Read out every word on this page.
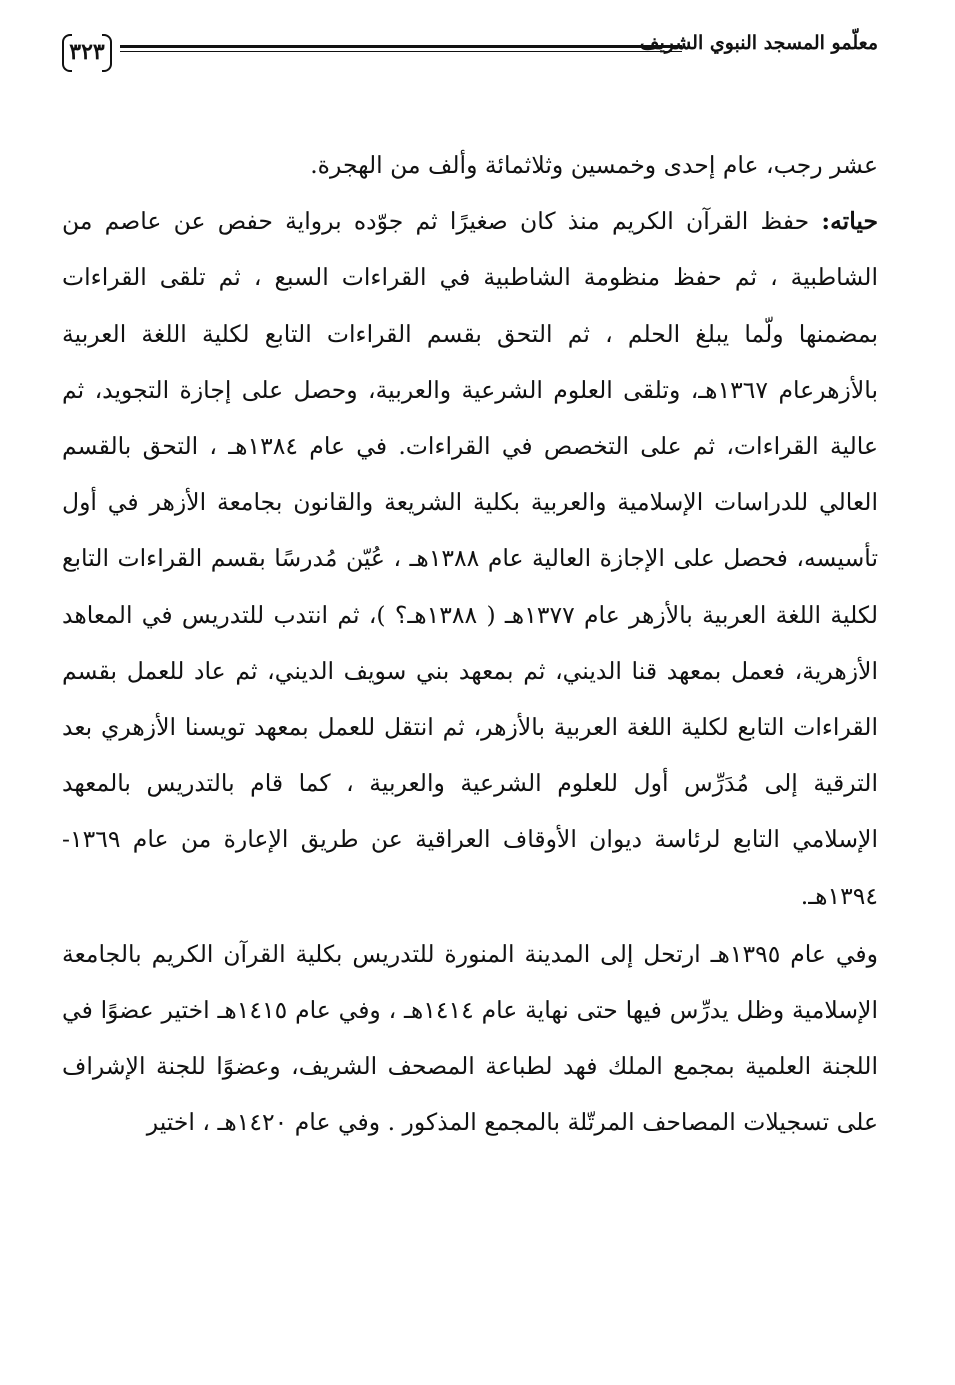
٣٢٣	معلّمو المسجد النبوي الشريف

عشر رجب، عام إحدى وخمسين وثلاثمائة وألف من الهجرة.

حياته: حفظ القرآن الكريم منذ كان صغيرًا ثم جوّده برواية حفص عن عاصم من الشاطبية ، ثم حفظ منظومة الشاطبية في القراءات السبع ، ثم تلقى القراءات بمضمنها ولّما يبلغ الحلم ، ثم التحق بقسم القراءات التابع لكلية اللغة العربية بالأزهرعام ١٣٦٧هـ، وتلقى العلوم الشرعية والعربية، وحصل على إجازة التجويد، ثم عالية القراءات، ثم على التخصص في القراءات. في عام ١٣٨٤هـ ، التحق بالقسم العالي للدراسات الإسلامية والعربية بكلية الشريعة والقانون بجامعة الأزهر في أول تأسيسه، فحصل على الإجازة العالية عام ١٣٨٨هـ ، عُيّن مُدرسًا بقسم القراءات التابع لكلية اللغة العربية بالأزهر عام ١٣٧٧هـ ( ١٣٨٨هـ؟ )، ثم انتدب للتدريس في المعاهد الأزهرية، فعمل بمعهد قنا الديني، ثم بمعهد بني سويف الديني، ثم عاد للعمل بقسم القراءات التابع لكلية اللغة العربية بالأزهر، ثم انتقل للعمل بمعهد تويسنا الأزهري بعد الترقية إلى مُدَرِّس أول للعلوم الشرعية والعربية ، كما قام بالتدريس بالمعهد الإسلامي التابع لرئاسة ديوان الأوقاف العراقية عن طريق الإعارة من عام ١٣٦٩- ١٣٩٤هـ.

وفي عام ١٣٩٥هـ ارتحل إلى المدينة المنورة للتدريس بكلية القرآن الكريم بالجامعة الإسلامية وظل يدرِّس فيها حتى نهاية عام ١٤١٤هـ ، وفي عام ١٤١٥هـ اختير عضوًا في اللجنة العلمية بمجمع الملك فهد لطباعة المصحف الشريف، وعضوًا للجنة الإشراف على تسجيلات المصاحف المرتّلة بالمجمع المذكور . وفي عام ١٤٢٠هـ ، اختير
